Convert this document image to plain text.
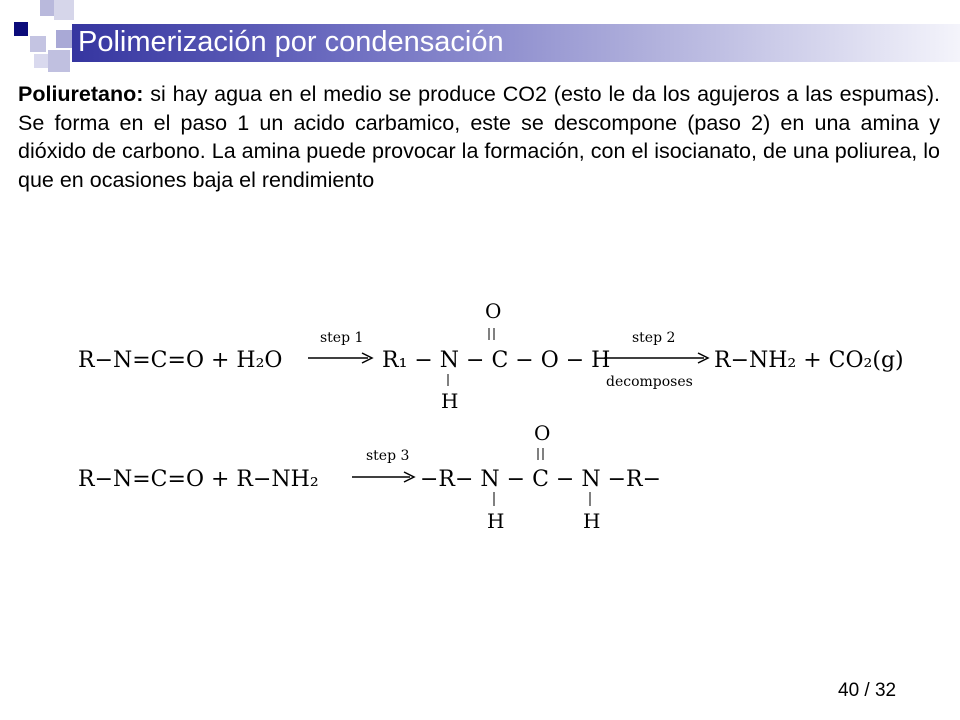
Polimerización por condensación
Poliuretano: si hay agua en el medio se produce CO2 (esto le da los agujeros a las espumas). Se forma en el paso 1 un acido carbamico, este se descompone (paso 2) en una amina y dióxido de carbono. La amina puede provocar la formación, con el isocianato, de una poliurea, lo que en ocasiones baja el rendimiento
R−N=C=O + H₂O
step 1
R₁ − N − C − O − H
O
H
step 2
decomposes
R−NH₂ + CO₂(g)
R−N=C=O + R−NH₂
step 3
−R− N − C − N −R−
O
H	H
40 / 32
